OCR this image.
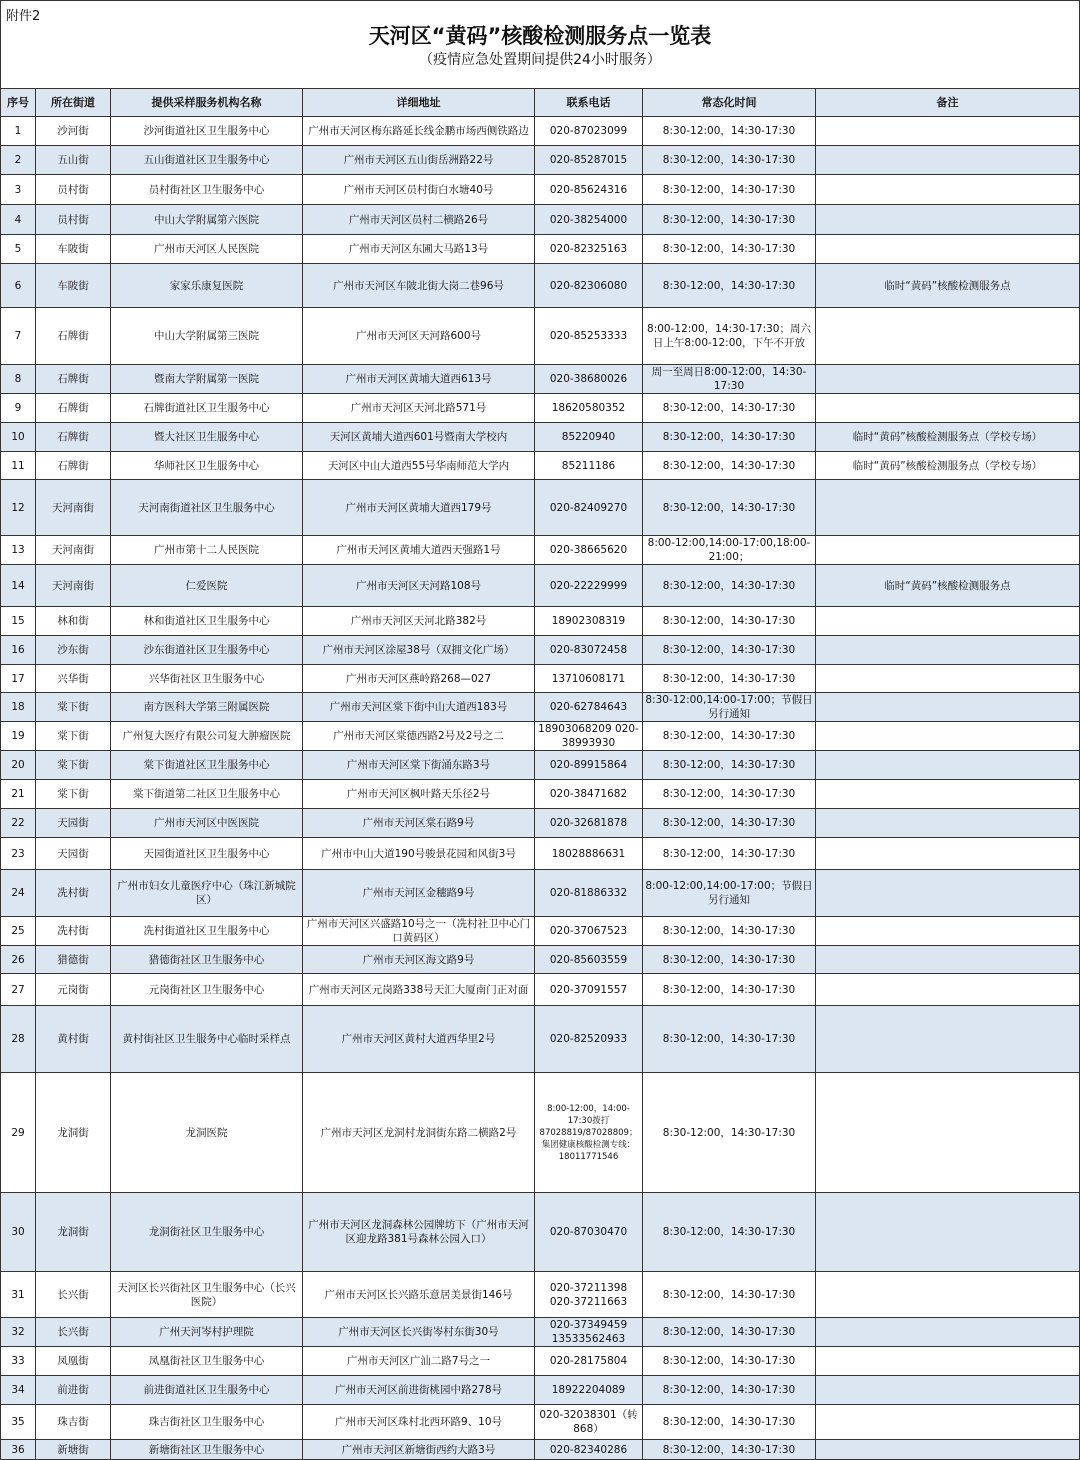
附件2
天河区“黄码”核酸检测服务点一览表
（疫情应急处置期间提供24小时服务）
序号	所在街道	提供采样服务机构名称	详细地址	联系电话	常态化时间	备注
1	沙河街	沙河街道社区卫生服务中心	广州市天河区梅东路延长线金鹏市场西侧铁路边	020-87023099	8:30-12:00，14:30-17:30	
2	五山街	五山街道社区卫生服务中心	广州市天河区五山街岳洲路22号	020-85287015	8:30-12:00，14:30-17:30	
3	员村街	员村街社区卫生服务中心	广州市天河区员村街白水塘40号	020-85624316	8:30-12:00，14:30-17:30	
4	员村街	中山大学附属第六医院	广州市天河区员村二横路26号	020-38254000	8:30-12:00，14:30-17:30	
5	车陂街	广州市天河区人民医院	广州市天河区东圃大马路13号	020-82325163	8:30-12:00，14:30-17:30	
6	车陂街	家家乐康复医院	广州市天河区车陂北街大岗二巷96号	020-82306080	8:30-12:00，14:30-17:30	临时“黄码”核酸检测服务点
7	石牌街	中山大学附属第三医院	广州市天河区天河路600号	020-85253333	8:00-12:00，14:30-17:30；周六日上午8:00-12:00，下午不开放	
8	石牌街	暨南大学附属第一医院	广州市天河区黄埔大道西613号	020-38680026	周一至周日8:00-12:00，14:30-17:30	
9	石牌街	石牌街道社区卫生服务中心	广州市天河区天河北路571号	18620580352	8:30-12:00，14:30-17:30	
10	石牌街	暨大社区卫生服务中心	天河区黄埔大道西601号暨南大学校内	85220940	8:30-12:00，14:30-17:30	临时“黄码”核酸检测服务点（学校专场）
11	石牌街	华师社区卫生服务中心	天河区中山大道西55号华南师范大学内	85211186	8:30-12:00，14:30-17:30	临时“黄码”核酸检测服务点（学校专场）
12	天河南街	天河南街道社区卫生服务中心	广州市天河区黄埔大道西179号	020-82409270	8:30-12:00，14:30-17:30	
13	天河南街	广州市第十二人民医院	广州市天河区黄埔大道西天强路1号	020-38665620	8:00-12:00,14:00-17:00,18:00-21:00；	
14	天河南街	仁爱医院	广州市天河区天河路108号	020-22229999	8:30-12:00，14:30-17:30	临时“黄码”核酸检测服务点
15	林和街	林和街道社区卫生服务中心	广州市天河区天河北路382号	18902308319	8:30-12:00，14:30-17:30	
16	沙东街	沙东街道社区卫生服务中心	广州市天河区涂屋38号（双拥文化广场）	020-83072458	8:30-12:00，14:30-17:30	
17	兴华街	兴华街社区卫生服务中心	广州市天河区燕岭路268—027	13710608171	8:30-12:00，14:30-17:30	
18	棠下街	南方医科大学第三附属医院	广州市天河区棠下街中山大道西183号	020-62784643	8:30-12:00,14:00-17:00；节假日另行通知	
19	棠下街	广州复大医疗有限公司复大肿瘤医院	广州市天河区棠德西路2号及2号之二	18903068209 020-38993930	8:30-12:00，14:30-17:30	
20	棠下街	棠下街道社区卫生服务中心	广州市天河区棠下街涌东路3号	020-89915864	8:30-12:00，14:30-17:30	
21	棠下街	棠下街道第二社区卫生服务中心	广州市天河区枫叶路天乐径2号	020-38471682	8:30-12:00，14:30-17:30	
22	天园街	广州市天河区中医医院	广州市天河区棠石路9号	020-32681878	8:30-12:00，14:30-17:30	
23	天园街	天园街道社区卫生服务中心	广州市中山大道190号骏景花园和风街3号	18028886631	8:30-12:00，14:30-17:30	
24	冼村街	广州市妇女儿童医疗中心（珠江新城院区）	广州市天河区金穗路9号	020-81886332	8:00-12:00,14:00-17:00；节假日另行通知	
25	冼村街	冼村街道社区卫生服务中心	广州市天河区兴盛路10号之一（冼村社卫中心门口黄码区）	020-37067523	8:30-12:00，14:30-17:30	
26	猎德街	猎德街社区卫生服务中心	广州市天河区海文路9号	020-85603559	8:30-12:00，14:30-17:30	
27	元岗街	元岗街社区卫生服务中心	广州市天河区元岗路338号天汇大厦南门正对面	020-37091557	8:30-12:00，14:30-17:30	
28	黄村街	黄村街社区卫生服务中心临时采样点	广州市天河区黄村大道西华里2号	020-82520933	8:30-12:00，14:30-17:30	
29	龙洞街	龙洞医院	广州市天河区龙洞村龙洞街东路二横路2号	8:00-12:00，14:00-17:30拨打87028819/87028809；集团健康核酸检测专线：18011771546	8:30-12:00，14:30-17:30	
30	龙洞街	龙洞街社区卫生服务中心	广州市天河区龙洞森林公园牌坊下（广州市天河区迎龙路381号森林公园入口）	020-87030470	8:30-12:00，14:30-17:30	
31	长兴街	天河区长兴街社区卫生服务中心（长兴医院）	广州市天河区长兴路乐意居美景街146号	020-37211398 020-37211663	8:30-12:00，14:30-17:30	
32	长兴街	广州天河岑村护理院	广州市天河区长兴街岑村东街30号	020-37349459 13533562463	8:30-12:00，14:30-17:30	
33	凤凰街	凤凰街社区卫生服务中心	广州市天河区广汕二路7号之一	020-28175804	8:30-12:00，14:30-17:30	
34	前进街	前进街道社区卫生服务中心	广州市天河区前进街桃园中路278号	18922204089	8:30-12:00，14:30-17:30	
35	珠吉街	珠吉街社区卫生服务中心	广州市天河区珠村北西环路9、10号	020-32038301（转868）	8:30-12:00，14:30-17:30	
36	新塘街	新塘街社区卫生服务中心	广州市天河区新塘街西约大路3号	020-82340286	8:30-12:00，14:30-17:30	
